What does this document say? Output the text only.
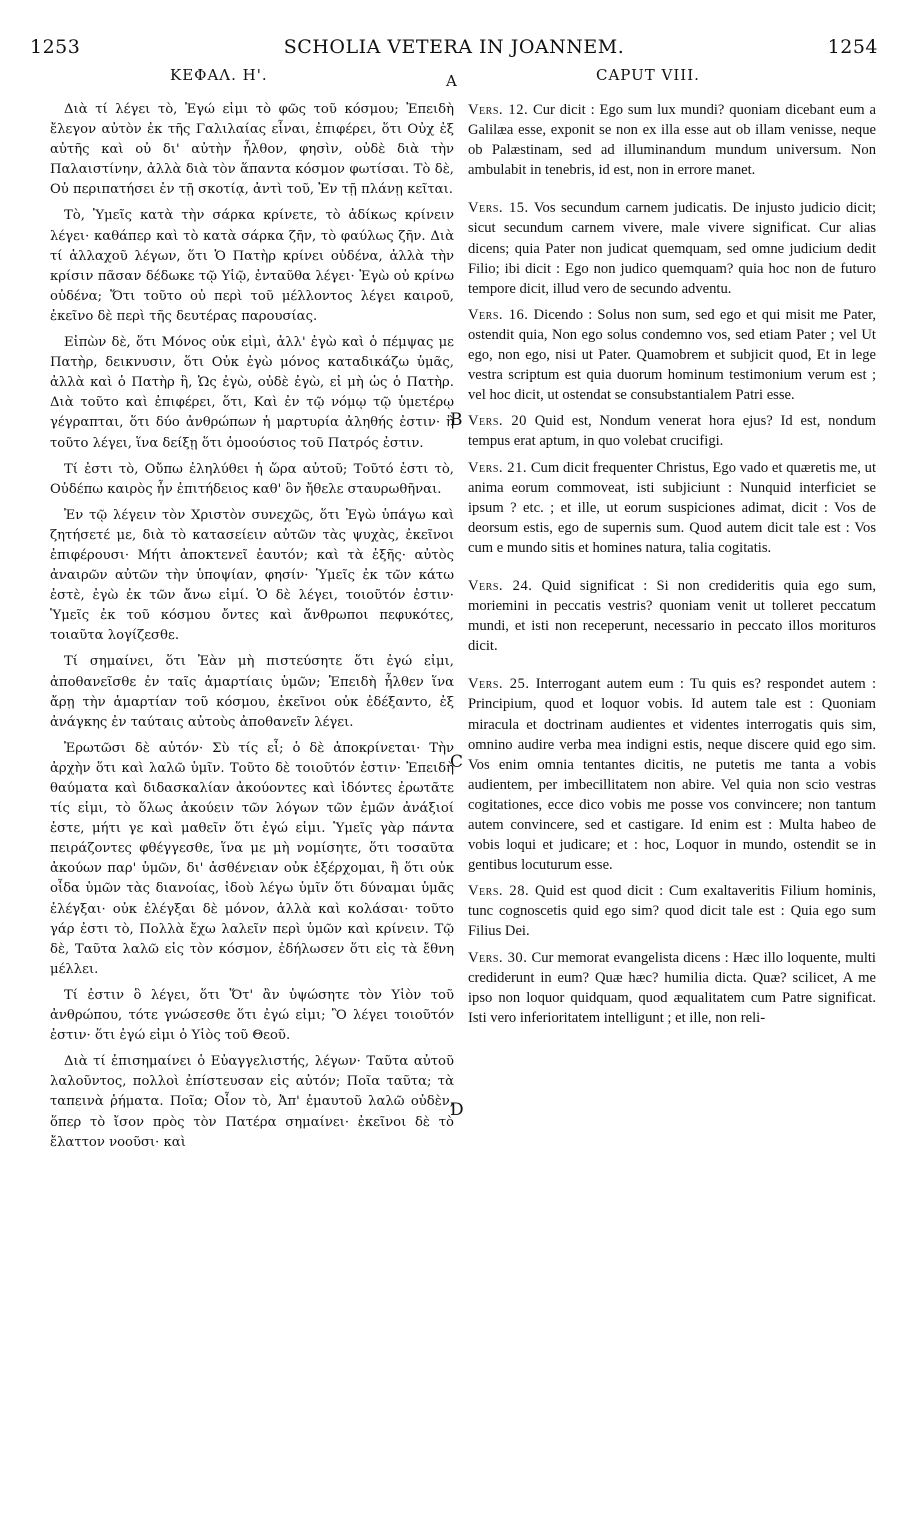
1253	SCHOLIA VETERA IN JOANNEM.	1254
ΚΕΦΑΛ. Η'.	A	CAPUT VIII.

Διὰ τί λέγει τὸ, Ἐγώ εἰμι τὸ φῶς τοῦ κόσμου; Ἐπειδὴ ἔλεγον αὐτὸν ἐκ τῆς Γαλιλαίας εἶναι, ἐπιφέρει, ὅτι Οὐχ ἐξ αὐτῆς καὶ οὐ δι' αὐτὴν ἦλθον, φησὶν, οὐδὲ διὰ τὴν Παλαιστίνην, ἀλλὰ διὰ τὸν ἅπαντα κόσμον φωτίσαι. Τὸ δὲ, Οὐ περιπατήσει ἐν τῇ σκοτίᾳ, ἀντὶ τοῦ, Ἐν τῇ πλάνῃ κεῖται.

Τὸ, Ὑμεῖς κατὰ τὴν σάρκα κρίνετε, τὸ ἀδίκως κρίνειν λέγει· καθάπερ καὶ τὸ κατὰ σάρκα ζῆν, τὸ φαύλως ζῆν. Διὰ τί ἀλλαχοῦ λέγων, ὅτι Ὁ Πατὴρ κρίνει οὐδένα, ἀλλὰ τὴν κρίσιν πᾶσαν δέδωκε τῷ Υἱῷ, ἐνταῦθα λέγει· Ἐγὼ οὐ κρίνω οὐδένα; Ὅτι τοῦτο οὐ περὶ τοῦ μέλλοντος λέγει καιροῦ, ἐκεῖνο δὲ περὶ τῆς δευτέρας παρουσίας.

Εἰπὼν δὲ, ὅτι Μόνος οὐκ εἰμὶ, ἀλλ' ἐγὼ καὶ ὁ πέμψας με Πατὴρ, δεικνυσιν, ὅτι Οὐκ ἐγὼ μόνος καταδικάζω ὑμᾶς, ἀλλὰ καὶ ὁ Πατὴρ ἢ, Ὡς ἐγὼ, οὐδὲ ἐγὼ, εἰ μὴ ὡς ὁ Πατὴρ. Διὰ τοῦτο καὶ ἐπιφέρει, ὅτι, Καὶ ἐν τῷ νόμῳ τῷ ὑμετέρῳ γέγραπται, ὅτι δύο ἀνθρώπων ἡ μαρτυρία ἀληθής ἐστιν· ἢ τοῦτο λέγει, ἵνα δείξῃ ὅτι ὁμοούσιος τοῦ Πατρός ἐστιν.

Τί ἐστι τὸ, Οὔπω ἐληλύθει ἡ ὥρα αὐτοῦ; Τοῦτό ἐστι τὸ, Οὐδέπω καιρὸς ἦν ἐπιτήδειος καθ' ὃν ἤθελε σταυρωθῆναι.

Ἐν τῷ λέγειν τὸν Χριστὸν συνεχῶς, ὅτι Ἐγὼ ὑπάγω καὶ ζητήσετέ με, διὰ τὸ κατασείειν αὐτῶν τὰς ψυχὰς, ἐκεῖνοι ἐπιφέρουσι· Μήτι ἀποκτενεῖ ἑαυτόν; καὶ τὰ ἑξῆς· αὐτὸς ἀναιρῶν αὐτῶν τὴν ὑποψίαν, φησίν· Ὑμεῖς ἐκ τῶν κάτω ἐστὲ, ἐγὼ ἐκ τῶν ἄνω εἰμί. Ὁ δὲ λέγει, τοιοῦτόν ἐστιν· Ὑμεῖς ἐκ τοῦ κόσμου ὄντες καὶ ἄνθρωποι πεφυκότες, τοιαῦτα λογίζεσθε.

Τί σημαίνει, ὅτι Ἐὰν μὴ πιστεύσητε ὅτι ἐγώ εἰμι, ἀποθανεῖσθε ἐν ταῖς ἁμαρτίαις ὑμῶν; Ἐπειδὴ ἦλθεν ἵνα ἄρῃ τὴν ἁμαρτίαν τοῦ κόσμου, ἐκεῖνοι οὐκ ἐδέξαντο, ἐξ ἀνάγκης ἐν ταύταις αὐτοὺς ἀποθανεῖν λέγει.

Ἐρωτῶσι δὲ αὐτόν· Σὺ τίς εἶ; ὁ δὲ ἀποκρίνεται· Τὴν ἀρχὴν ὅτι καὶ λαλῶ ὑμῖν. Τοῦτο δὲ τοιοῦτόν ἐστιν· Ἐπειδὴ θαύματα καὶ διδασκαλίαν ἀκούοντες καὶ ἰδόντες ἐρωτᾶτε τίς εἰμι, τὸ ὅλως ἀκούειν τῶν λόγων τῶν ἐμῶν ἀνάξιοί ἐστε, μήτι γε καὶ μαθεῖν ὅτι ἐγώ εἰμι. Ὑμεῖς γὰρ πάντα πειράζοντες φθέγγεσθε, ἵνα με μὴ νομίσητε, ὅτι τοσαῦτα ἀκούων παρ' ὑμῶν, δι' ἀσθένειαν οὐκ ἐξέρχομαι, ἢ ὅτι οὐκ οἶδα ὑμῶν τὰς διανοίας, ἰδοὺ λέγω ὑμῖν ὅτι δύναμαι ὑμᾶς ἐλέγξαι· οὐκ ἐλέγξαι δὲ μόνον, ἀλλὰ καὶ κολάσαι· τοῦτο γάρ ἐστι τὸ, Πολλὰ ἔχω λαλεῖν περὶ ὑμῶν καὶ κρίνειν. Τῷ δὲ, Ταῦτα λαλῶ εἰς τὸν κόσμον, ἐδήλωσεν ὅτι εἰς τὰ ἔθνη μέλλει.

Τί ἐστιν ὃ λέγει, ὅτι Ὅτ' ἂν ὑψώσητε τὸν Υἱὸν τοῦ ἀνθρώπου, τότε γνώσεσθε ὅτι ἐγώ εἰμι; Ὃ λέγει τοιοῦτόν ἐστιν· ὅτι ἐγώ εἰμι ὁ Υἱὸς τοῦ Θεοῦ.

Διὰ τί ἐπισημαίνει ὁ Εὐαγγελιστής, λέγων· Ταῦτα αὐτοῦ λαλοῦντος, πολλοὶ ἐπίστευσαν εἰς αὐτόν; Ποῖα ταῦτα; τὰ ταπεινὰ ῥήματα. Ποῖα; Οἷον τὸ, Ἀπ' ἐμαυτοῦ λαλῶ οὐδὲν, ὅπερ τὸ ἴσον πρὸς τὸν Πατέρα σημαίνει· ἐκεῖνοι δὲ τὸ ἔλαττον νοοῦσι· καὶ

B
C
D

Vers. 12. Cur dicit : Ego sum lux mundi? quoniam dicebant eum a Galilæa esse, exponit se non ex illa esse aut ob illam venisse, neque ob Palæstinam, sed ad illuminandum mundum universum. Non ambulabit in tenebris, id est, non in errore manet.

Vers. 15. Vos secundum carnem judicatis. De injusto judicio dicit; sicut secundum carnem vivere, male vivere significat. Cur alias dicens; quia Pater non judicat quemquam, sed omne judicium dedit Filio; ibi dicit : Ego non judico quemquam? quia hoc non de futuro tempore dicit, illud vero de secundo adventu.

Vers. 16. Dicendo : Solus non sum, sed ego et qui misit me Pater, ostendit quia, Non ego solus condemno vos, sed etiam Pater ; vel Ut ego, non ego, nisi ut Pater. Quamobrem et subjicit quod, Et in lege vestra scriptum est quia duorum hominum testimonium verum est ; vel hoc dicit, ut ostendat se consubstantialem Patri esse.

Vers. 20 Quid est, Nondum venerat hora ejus? Id est, nondum tempus erat aptum, in quo volebat crucifigi.

Vers. 21. Cum dicit frequenter Christus, Ego vado et quæretis me, ut anima eorum commoveat, isti subjiciunt : Nunquid interficiet se ipsum ? etc. ; et ille, ut eorum suspiciones adimat, dicit : Vos de deorsum estis, ego de supernis sum. Quod autem dicit tale est : Vos cum e mundo sitis et homines natura, talia cogitatis.

Vers. 24. Quid significat : Si non credideritis quia ego sum, moriemini in peccatis vestris? quoniam venit ut tolleret peccatum mundi, et isti non receperunt, necessario in peccato illos morituros dicit.

Vers. 25. Interrogant autem eum : Tu quis es? respondet autem : Principium, quod et loquor vobis. Id autem tale est : Quoniam miracula et doctrinam audientes et videntes interrogatis quis sim, omnino audire verba mea indigni estis, neque discere quid ego sim. Vos enim omnia tentantes dicitis, ne putetis me tanta a vobis audientem, per imbecillitatem non abire. Vel quia non scio vestras cogitationes, ecce dico vobis me posse vos convincere; non tantum autem convincere, sed et castigare. Id enim est : Multa habeo de vobis loqui et judicare; et : hoc, Loquor in mundo, ostendit se in gentibus locuturum esse.

Vers. 28. Quid est quod dicit : Cum exaltaveritis Filium hominis, tunc cognoscetis quid ego sim? quod dicit tale est : Quia ego sum Filius Dei.

Vers. 30. Cur memorat evangelista dicens : Hæc illo loquente, multi crediderunt in eum? Quæ hæc? humilia dicta. Quæ? scilicet, A me ipso non loquor quidquam, quod æqualitatem cum Patre significat. Isti vero inferioritatem intelligunt ; et ille, non reli-
